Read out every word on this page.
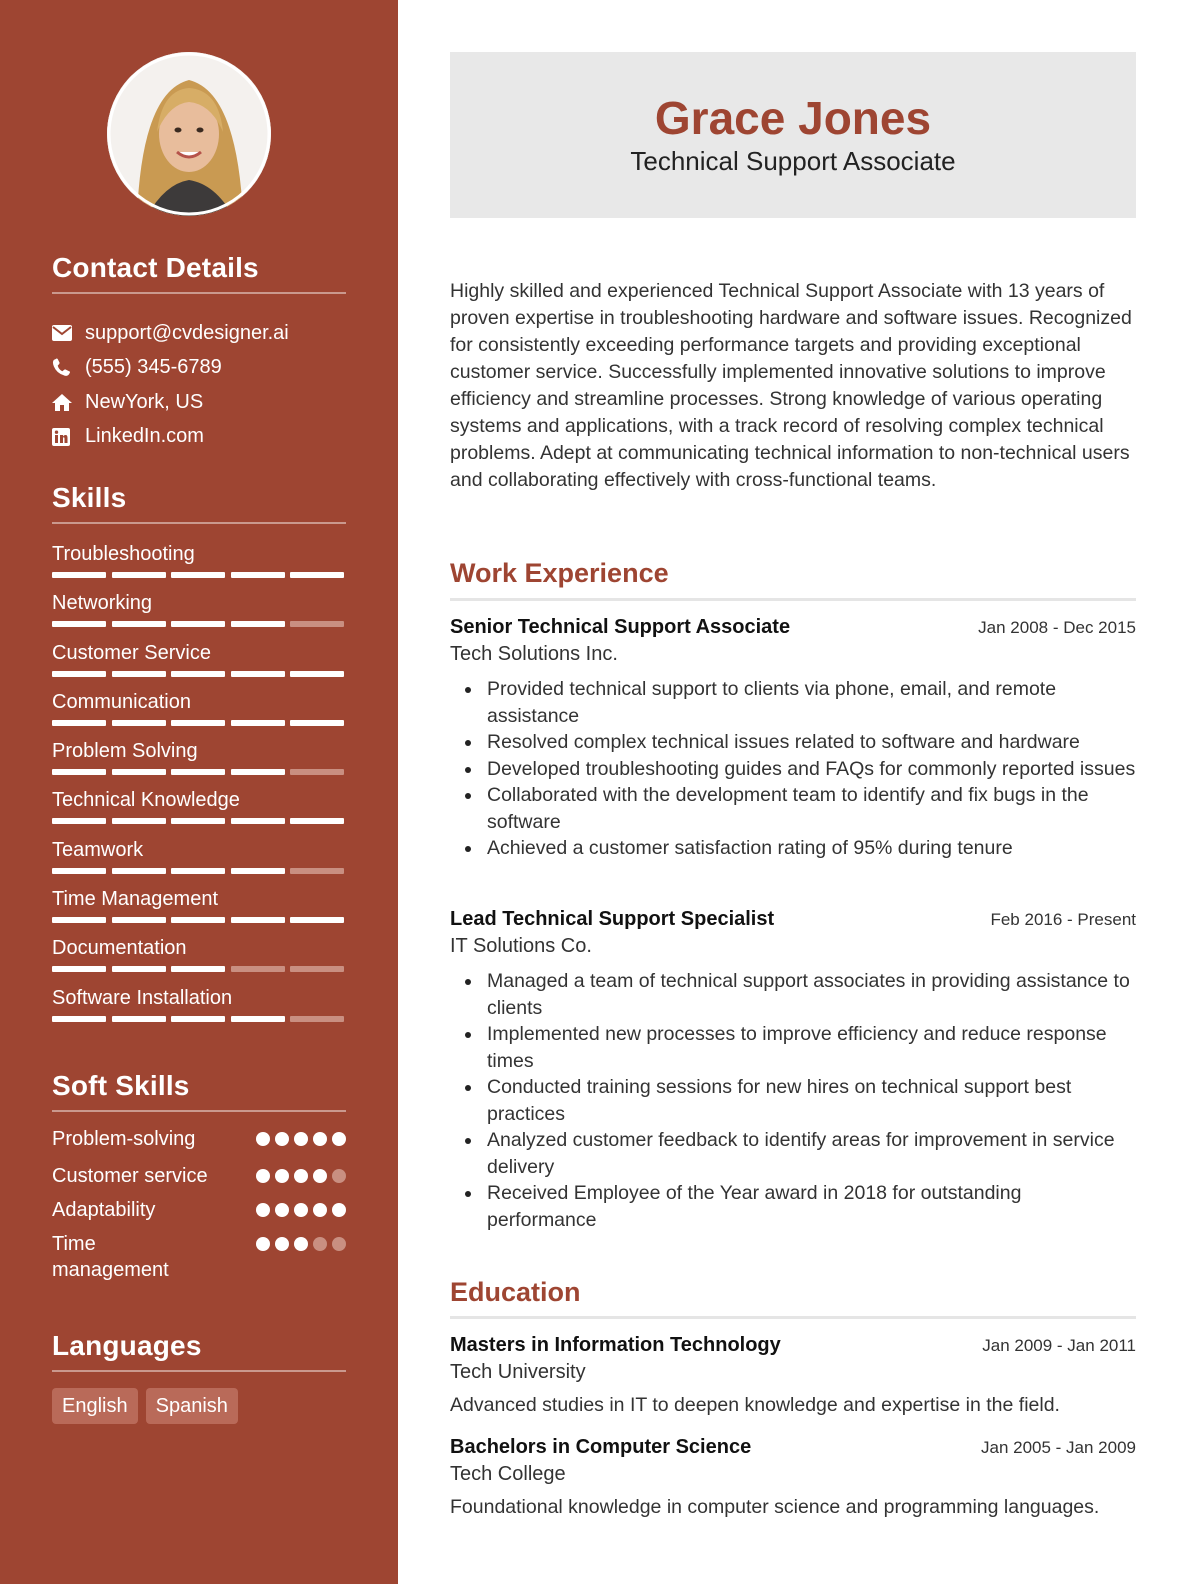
Contact Details
support@cvdesigner.ai
(555) 345-6789
NewYork, US
LinkedIn.com
Skills
Troubleshooting
Networking
Customer Service
Communication
Problem Solving
Technical Knowledge
Teamwork
Time Management
Documentation
Software Installation
Soft Skills
Problem-solving
Customer service
Adaptability
Time management
Languages
English	Spanish
Grace Jones
Technical Support Associate

Highly skilled and experienced Technical Support Associate with 13 years of proven expertise in troubleshooting hardware and software issues. Recognized for consistently exceeding performance targets and providing exceptional customer service. Successfully implemented innovative solutions to improve efficiency and streamline processes. Strong knowledge of various operating systems and applications, with a track record of resolving complex technical problems. Adept at communicating technical information to non-technical users and collaborating effectively with cross-functional teams.

Work Experience
Senior Technical Support Associate	Jan 2008 - Dec 2015
Tech Solutions Inc.
Provided technical support to clients via phone, email, and remote assistance
Resolved complex technical issues related to software and hardware
Developed troubleshooting guides and FAQs for commonly reported issues
Collaborated with the development team to identify and fix bugs in the software
Achieved a customer satisfaction rating of 95% during tenure
Lead Technical Support Specialist	Feb 2016 - Present
IT Solutions Co.
Managed a team of technical support associates in providing assistance to clients
Implemented new processes to improve efficiency and reduce response times
Conducted training sessions for new hires on technical support best practices
Analyzed customer feedback to identify areas for improvement in service delivery
Received Employee of the Year award in 2018 for outstanding performance
Education
Masters in Information Technology	Jan 2009 - Jan 2011
Tech University

Advanced studies in IT to deepen knowledge and expertise in the field.

Bachelors in Computer Science	Jan 2005 - Jan 2009
Tech College

Foundational knowledge in computer science and programming languages.
